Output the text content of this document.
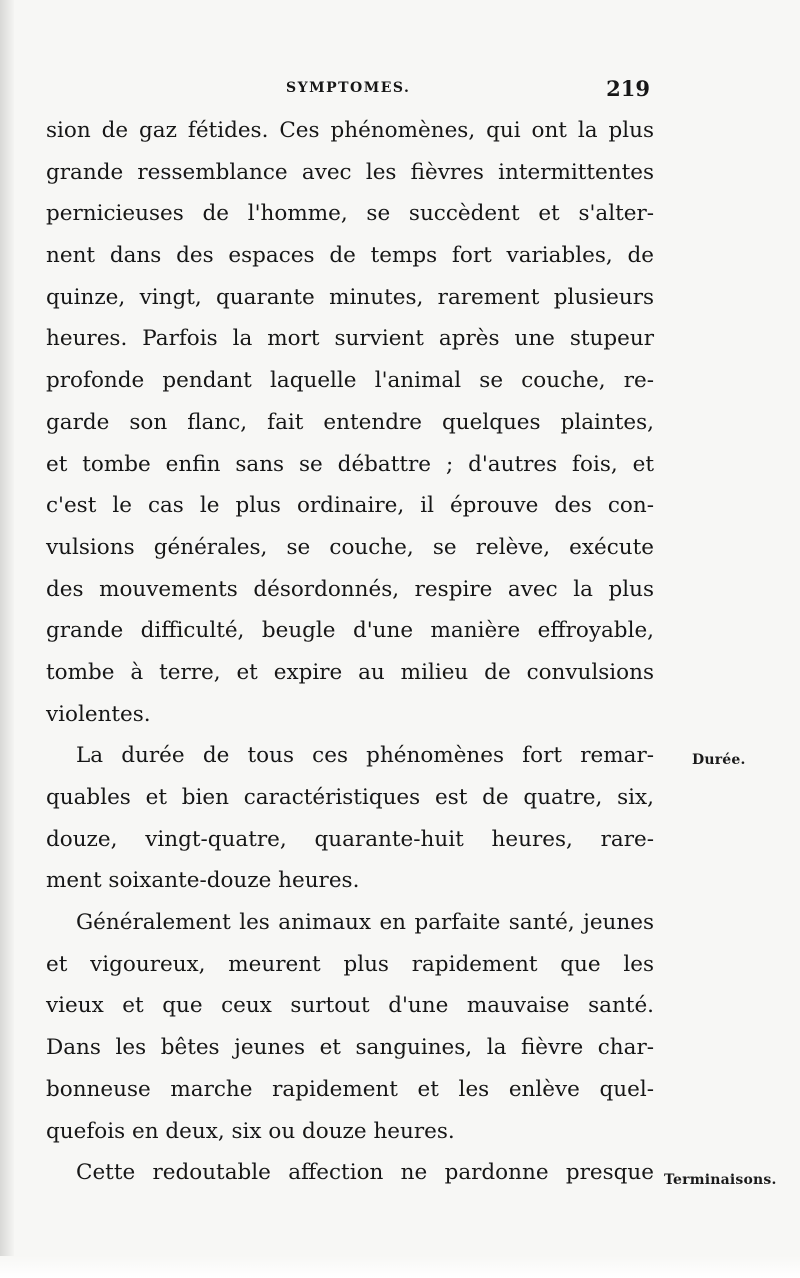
SYMPTOMES.	219

sion de gaz fétides. Ces phénomènes, qui ont la plus
grande ressemblance avec les fièvres intermittentes
pernicieuses de l'homme, se succèdent et s'alter-
nent dans des espaces de temps fort variables, de
quinze, vingt, quarante minutes, rarement plusieurs
heures. Parfois la mort survient après une stupeur
profonde pendant laquelle l'animal se couche, re-
garde son flanc, fait entendre quelques plaintes,
et tombe enfin sans se débattre ; d'autres fois, et
c'est le cas le plus ordinaire, il éprouve des con-
vulsions générales, se couche, se relève, exécute
des mouvements désordonnés, respire avec la plus
grande difficulté, beugle d'une manière effroyable,
tombe à terre, et expire au milieu de convulsions
violentes.

La durée de tous ces phénomènes fort remar-
quables et bien caractéristiques est de quatre, six,
douze, vingt-quatre, quarante-huit heures, rare-
ment soixante-douze heures.

Généralement les animaux en parfaite santé, jeunes
et vigoureux, meurent plus rapidement que les
vieux et que ceux surtout d'une mauvaise santé.
Dans les bêtes jeunes et sanguines, la fièvre char-
bonneuse marche rapidement et les enlève quel-
quefois en deux, six ou douze heures.

Cette redoutable affection ne pardonne presque

Durée.
Terminaisons.
